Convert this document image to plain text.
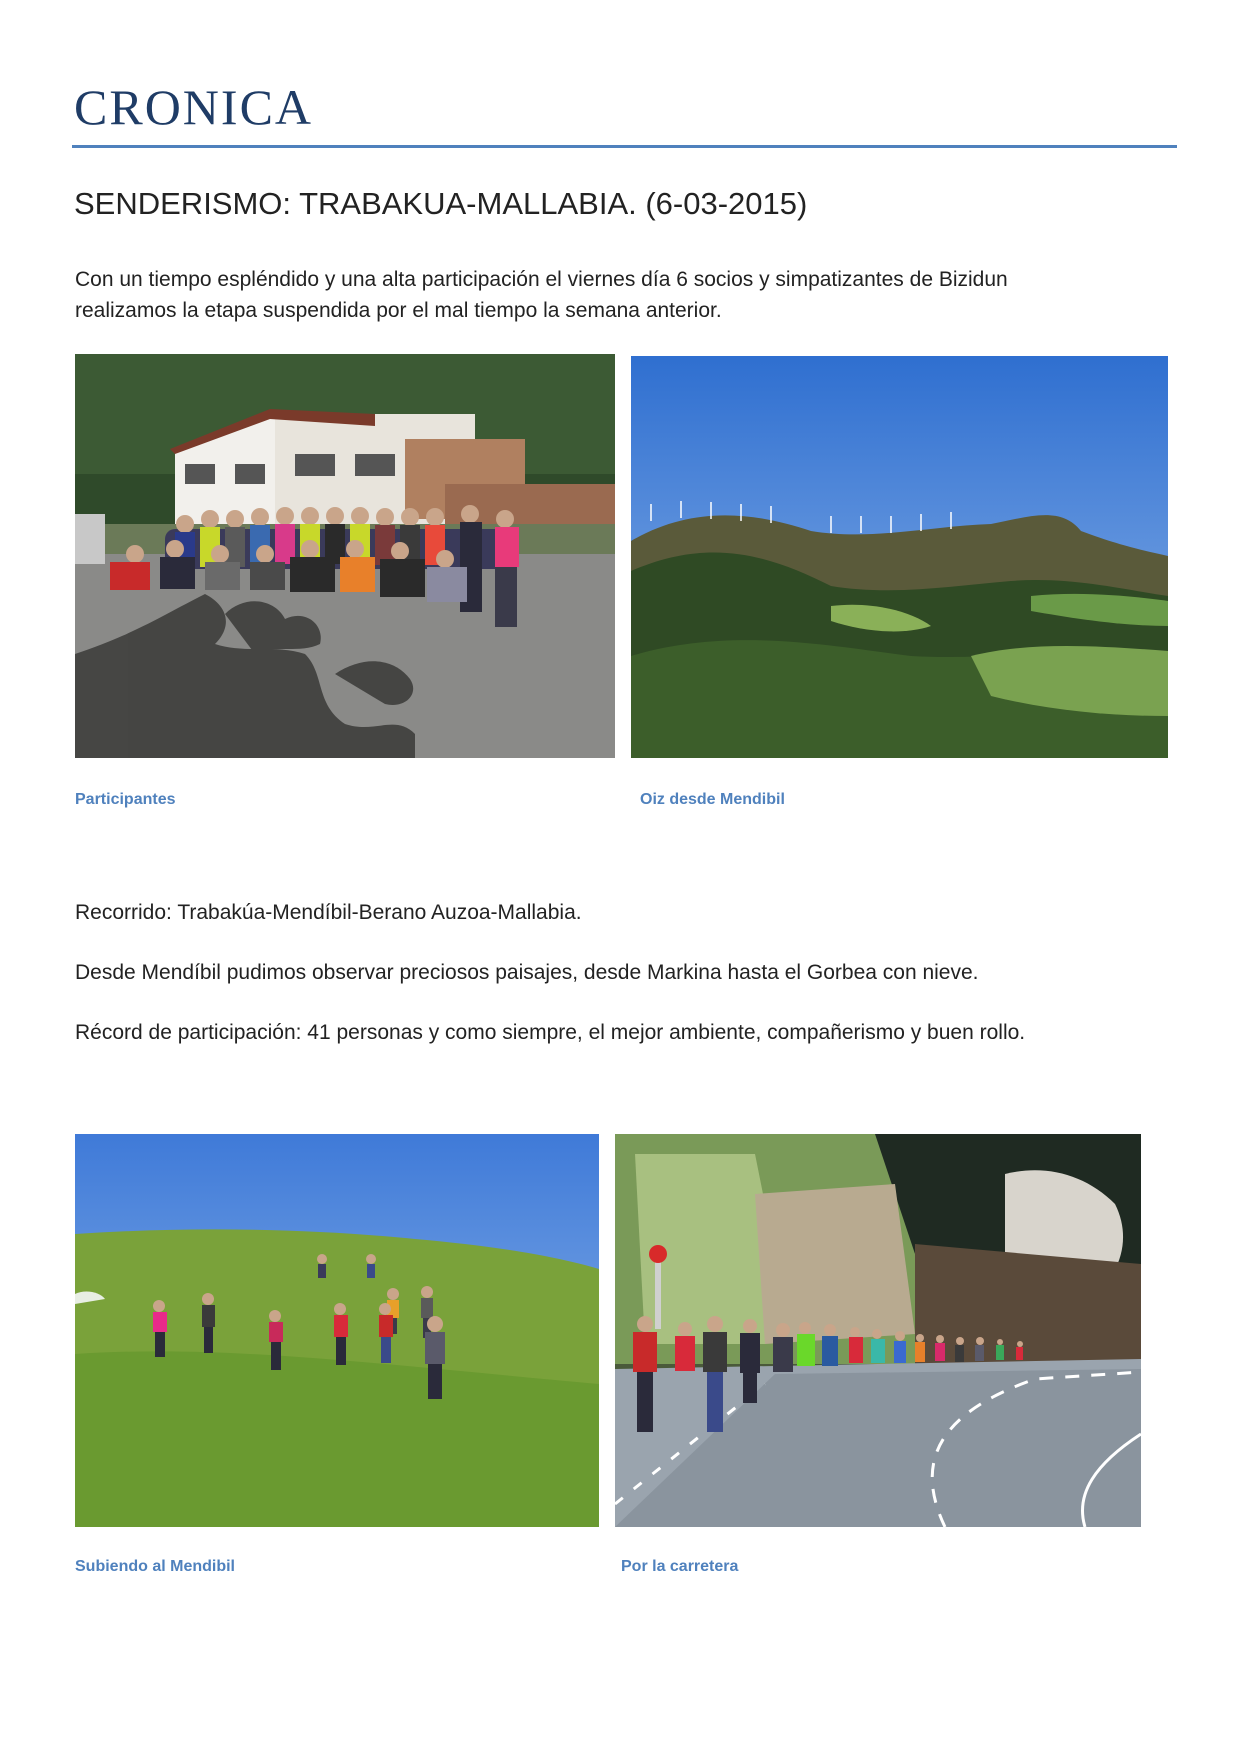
CRONICA
SENDERISMO: TRABAKUA-MALLABIA. (6-03-2015)

Con un tiempo espléndido y una alta participación el viernes día 6 socios y simpatizantes de Bizidun

realizamos la etapa suspendida por el mal tiempo la semana anterior.

Participantes	Oiz desde Mendibil

Recorrido: Trabakúa-Mendíbil-Berano Auzoa-Mallabia.

Desde Mendíbil pudimos observar preciosos paisajes, desde Markina hasta el Gorbea con nieve.

Récord de participación: 41 personas y como siempre, el mejor ambiente, compañerismo y buen rollo.

Subiendo al Mendibil	Por la carretera
